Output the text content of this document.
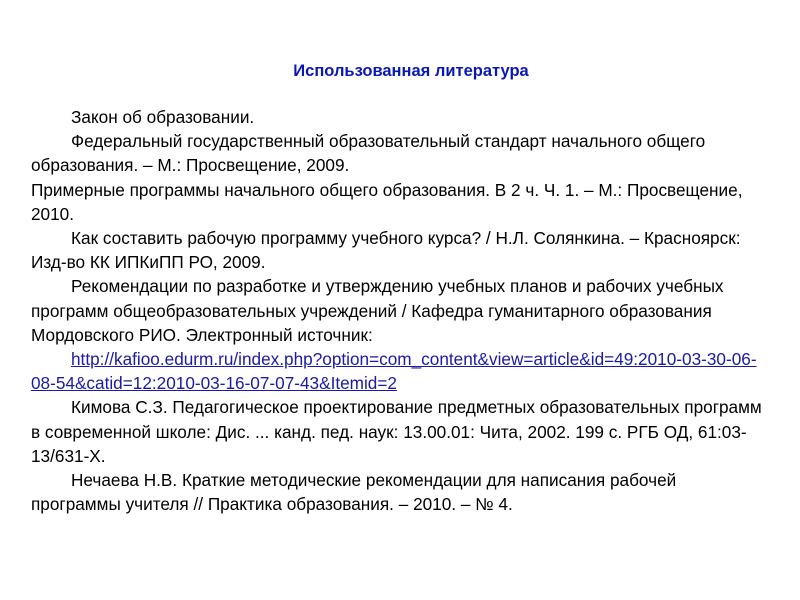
Использованная литература

Закон об образовании.

Федеральный государственный образовательный стандарт начального общего образования. – М.: Просвещение, 2009.

Примерные программы начального общего образования. В 2 ч. Ч. 1. – М.: Просвещение, 2010.

Как составить рабочую программу учебного курса? / Н.Л. Солянкина. – Красноярск: Изд-во КК ИПКиПП РО, 2009.

Рекомендации по разработке и утверждению учебных планов и рабочих учебных программ общеобразовательных учреждений / Кафедра гуманитарного образования Мордовского РИО. Электронный источник:

http://kafioo.edurm.ru/index.php?option=com_content&view=article&id=49:2010-03-30-06-08-54&catid=12:2010-03-16-07-07-43&Itemid=2

Кимова С.З. Педагогическое проектирование предметных образовательных программ в современной школе: Дис. ... канд. пед. наук: 13.00.01: Чита, 2002. 199 с. РГБ ОД, 61:03-13/631-Х.

Нечаева Н.В. Краткие методические рекомендации для написания рабочей программы учителя // Практика образования. – 2010. – № 4.
